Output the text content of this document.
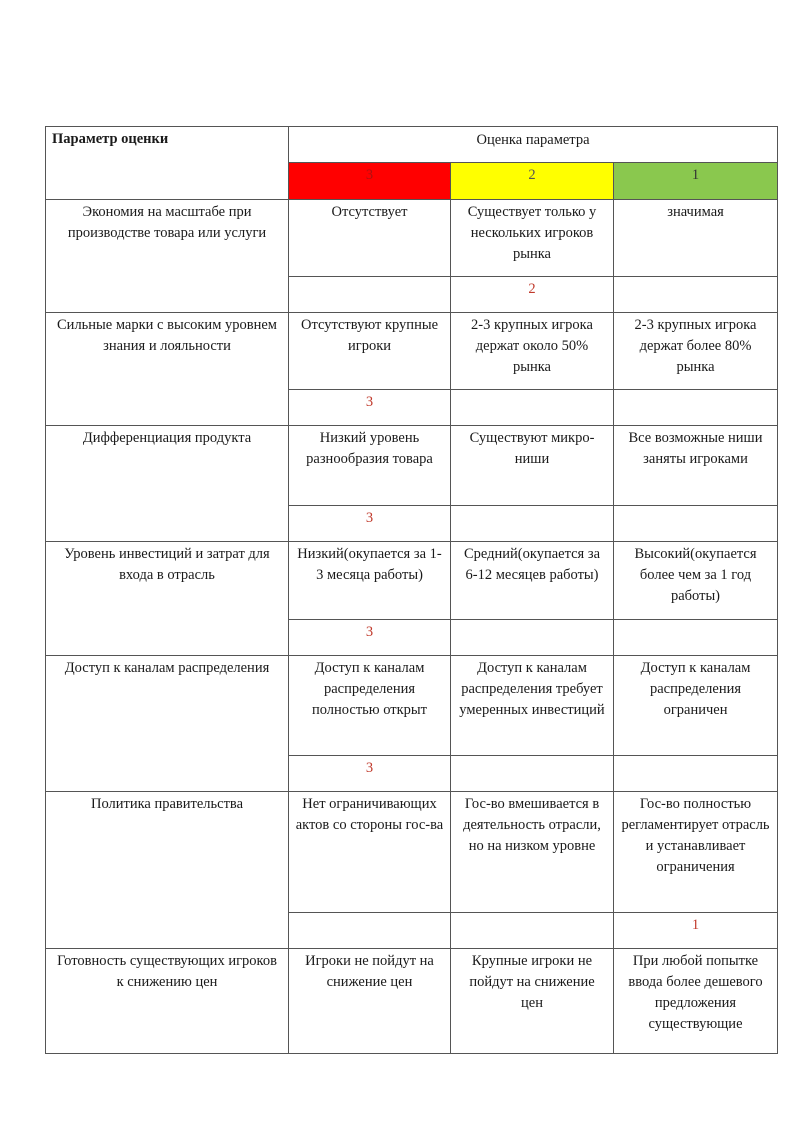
Параметр оценки	Оценка параметра		
	3	2	1
Экономия на масштабе при производстве товара или услуги	Отсутствует	Существует только у нескольких игроков рынка	значимая
		2	
Сильные марки с высоким уровнем знания и лояльности	Отсутствуют крупные игроки	2-3 крупных игрока держат около 50% рынка	2-3 крупных игрока держат более 80% рынка
	3		
Дифференциация продукта	Низкий уровень разнообразия товара	Существуют микро-ниши	Все возможные ниши заняты игроками
	3		
Уровень инвестиций и затрат для входа в отрасль	Низкий(окупается за 1-3 месяца работы)	Средний(окупается за 6-12 месяцев работы)	Высокий(окупается более чем за 1 год работы)
	3		
Доступ к каналам распределения	Доступ к каналам распределения полностью открыт	Доступ к каналам распределения требует умеренных инвестиций	Доступ к каналам распределения ограничен
	3		
Политика правительства	Нет ограничивающих актов со стороны гос-ва	Гос-во вмешивается в деятельность отрасли, но на низком уровне	Гос-во полностью регламентирует отрасль и устанавливает ограничения
			1
Готовность существующих игроков к снижению цен	Игроки не пойдут на снижение цен	Крупные игроки не пойдут на снижение цен	При любой попытке ввода более дешевого предложения существующие
